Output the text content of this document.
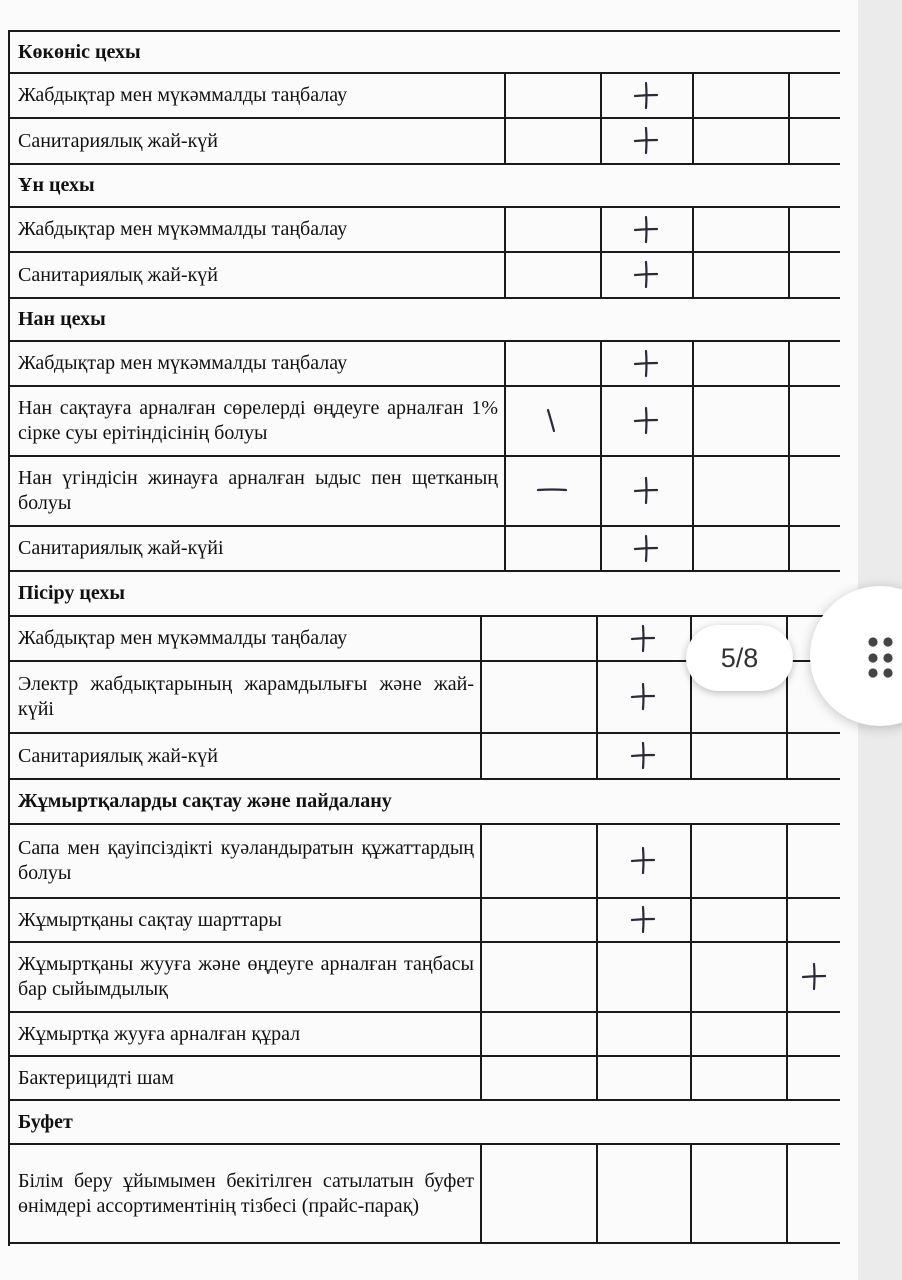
Көкөніс цехы
Жабдықтар мен мүкәммалды таңбалау
Санитариялық жай-күй
Ұн цехы
Жабдықтар мен мүкәммалды таңбалау
Санитариялық жай-күй
Нан цехы
Жабдықтар мен мүкәммалды таңбалау
Нан сақтауға арналған сөрелерді өңдеуге арналған 1% сірке суы ерітіндісінің болуы
Нан үгіндісін жинауға арналған ыдыс пен щетканың болуы
Санитариялық жай-күйі
Пісіру цехы
Жабдықтар мен мүкәммалды таңбалау
Электр жабдықтарының жарамдылығы және жай-күйі
Санитариялық жай-күй
Жұмыртқаларды сақтау және пайдалану
Сапа мен қауіпсіздікті куәландыратын құжаттардың болуы
Жұмыртқаны сақтау шарттары
Жұмыртқаны жууға және өңдеуге арналған таңбасы бар сыйымдылық
Жұмыртқа жууға арналған құрал
Бактерицидті шам
Буфет
Білім беру ұйымымен бекітілген сатылатын буфет өнімдері ассортиментінің тізбесі (прайс-парақ)
5/8
